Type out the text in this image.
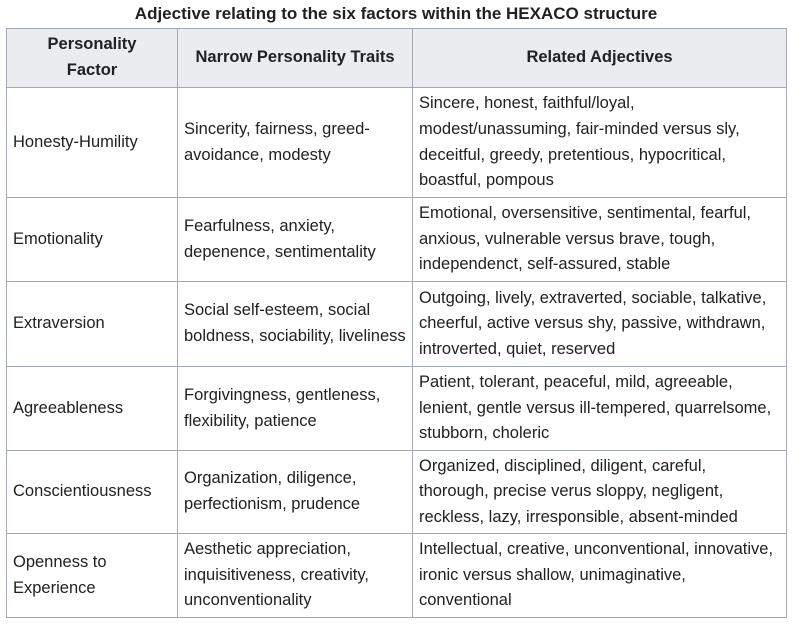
Adjective relating to the six factors within the HEXACO structure
Personality Factor	Narrow Personality Traits	Related Adjectives
Honesty-Humility	Sincerity, fairness, greed-avoidance, modesty	Sincere, honest, faithful/loyal, modest/unassuming, fair-minded versus sly, deceitful, greedy, pretentious, hypocritical, boastful, pompous
Emotionality	Fearfulness, anxiety, depenence, sentimentality	Emotional, oversensitive, sentimental, fearful, anxious, vulnerable versus brave, tough, independenct, self-assured, stable
Extraversion	Social self-esteem, social boldness, sociability, liveliness	Outgoing, lively, extraverted, sociable, talkative, cheerful, active versus shy, passive, withdrawn, introverted, quiet, reserved
Agreeableness	Forgivingness, gentleness, flexibility, patience	Patient, tolerant, peaceful, mild, agreeable, lenient, gentle versus ill-tempered, quarrelsome, stubborn, choleric
Conscientiousness	Organization, diligence, perfectionism, prudence	Organized, disciplined, diligent, careful, thorough, precise verus sloppy, negligent, reckless, lazy, irresponsible, absent-minded
Openness to Experience	Aesthetic appreciation, inquisitiveness, creativity, unconventionality	Intellectual, creative, unconventional, innovative, ironic versus shallow, unimaginative, conventional
